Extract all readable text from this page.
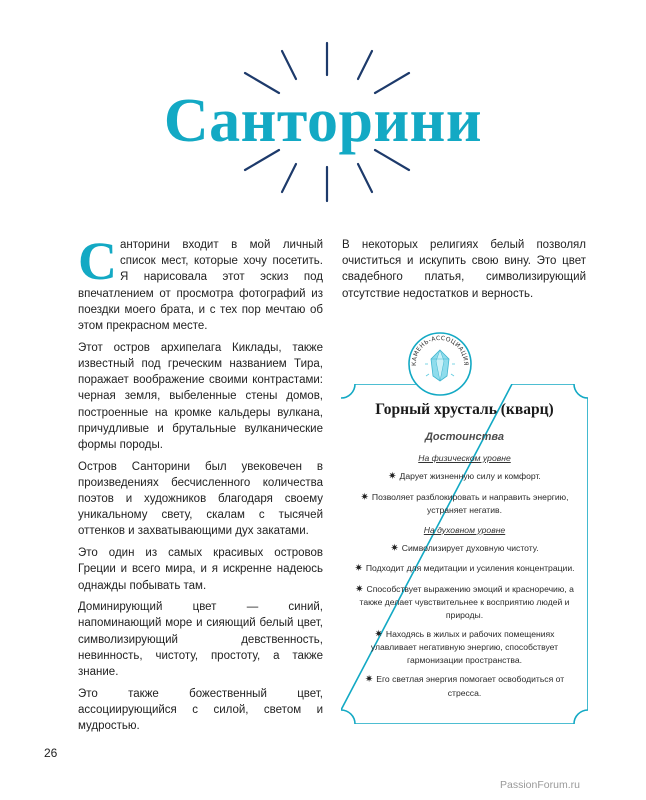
Санторини

Санторини входит в мой личный список мест, которые хочу посетить. Я нарисовала этот эскиз под впечатлением от просмотра фотографий из поездки моего брата, и с тех пор мечтаю об этом прекрасном месте.

Этот остров архипелага Киклады, также известный под греческим названием Тира, поражает воображение своими контрастами: черная земля, выбеленные стены домов, построенные на кромке кальдеры вулкана, причудливые и брутальные вулканические формы породы.

Остров Санторини был увековечен в произведениях бесчисленного количества поэтов и художников благодаря своему уникальному свету, скалам с тысячей оттенков и захватывающими дух закатами.

Это один из самых красивых островов Греции и всего мира, и я искренне надеюсь однажды побывать там.

Доминирующий цвет — синий, напоминающий море и сияющий белый цвет, символизирующий девственность, невинность, чистоту, простоту, а также знание.

Это также божественный цвет, ассоциирующийся с силой, светом и мудростью.

В некоторых религиях белый позволял очиститься и искупить свою вину. Это цвет свадебного платья, символизирующий отсутствие недостатков и верность.

КАМЕНЬ-АССОЦИАЦИЯ
Горный хрусталь (кварц)
Достоинства
На физическом уровне
✷ Дарует жизненную силу и комфорт.
✷ Позволяет разблокировать и направить энергию, устраняет негатив.
На духовном уровне
✷ Символизирует духовную чистоту.
✷ Подходит для медитации и усиления концентрации.
✷ Способствует выражению эмоций и красноречию, а также делает чувствительнее к восприятию людей и природы.
✷ Находясь в жилых и рабочих помещениях улавливает негативную энергию, способствует гармонизации пространства.
✷ Его светлая энергия помогает освободиться от стресса.
26
PassionForum.ru
